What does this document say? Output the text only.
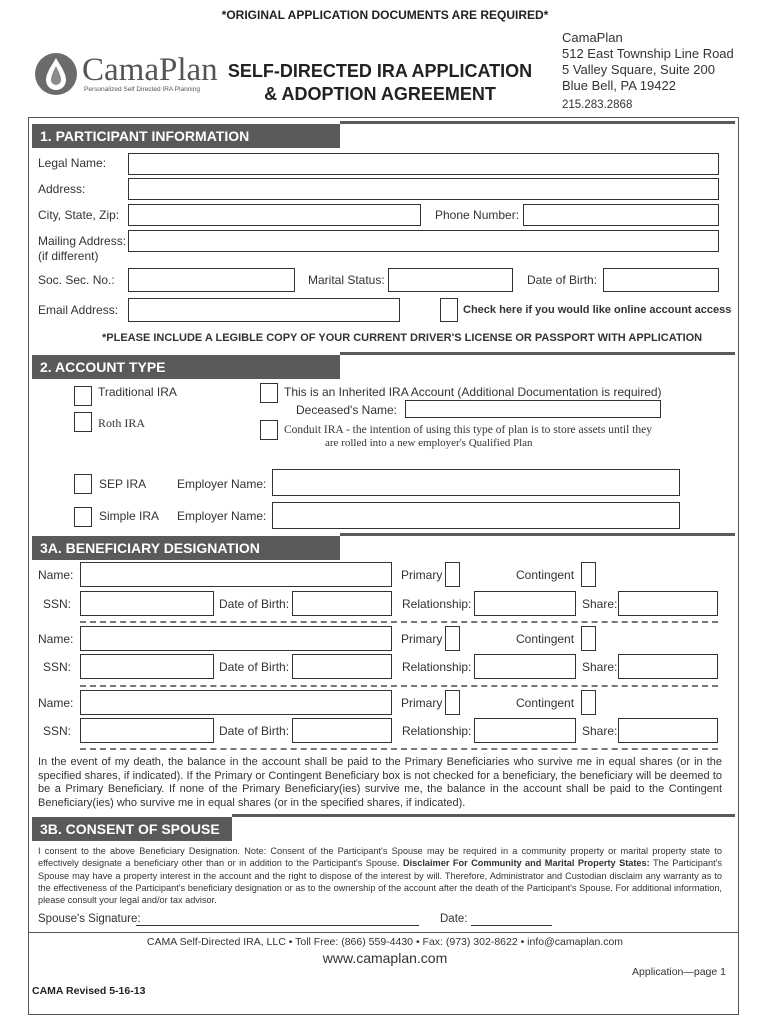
*ORIGINAL APPLICATION DOCUMENTS ARE REQUIRED*
CamaPlan
Personalized Self Directed IRA Planning
SELF-DIRECTED IRA APPLICATION
& ADOPTION AGREEMENT
CamaPlan
512 East Township Line Road
5 Valley Square, Suite 200
Blue Bell, PA 19422
215.283.2868
1. PARTICIPANT INFORMATION
Legal Name:
Address:
City, State, Zip:	Phone Number:
Mailing Address:
(if different)
Soc. Sec. No.:	Marital Status:	Date of Birth:
Email Address:	Check here if you would like online account access
*PLEASE INCLUDE A LEGIBLE COPY OF YOUR CURRENT DRIVER'S LICENSE OR PASSPORT WITH APPLICATION
2. ACCOUNT TYPE
Traditional IRA
Roth IRA
This is an Inherited IRA Account (Additional Documentation is required)
Deceased's Name:
Conduit IRA - the intention of using this type of plan is to store assets until they
are rolled into a new employer's Qualified Plan
SEP IRA	Employer Name:
Simple IRA Employer Name:
3A. BENEFICIARY DESIGNATION
Name:	Primary	Contingent
SSN:	Date of Birth:	Relationship:	Share:
Name:	Primary	Contingent
SSN:	Date of Birth:	Relationship:	Share:
Name:	Primary	Contingent
SSN:	Date of Birth:	Relationship:	Share:
In the event of my death, the balance in the account shall be paid to the Primary Beneficiaries who survive me in equal shares (or in the specified shares, if indicated). If the Primary or Contingent Beneficiary box is not checked for a beneficiary, the beneficiary will be deemed to be a Primary Beneficiary. If none of the Primary Beneficiary(ies) survive me, the balance in the account shall be paid to the Contingent Beneficiary(ies) who survive me in equal shares (or in the specified shares, if indicated).
3B. CONSENT OF SPOUSE
I consent to the above Beneficiary Designation. Note: Consent of the Participant's Spouse may be required in a community property or marital property state to effectively designate a beneficiary other than or in addition to the Participant's Spouse. Disclaimer For Community and Marital Property States: The Participant's Spouse may have a property interest in the account and the right to dispose of the interest by will. Therefore, Administrator and Custodian disclaim any warranty as to the effectiveness of the Participant's beneficiary designation or as to the ownership of the account after the death of the Participant's Spouse. For additional information, please consult your legal and/or tax advisor.
Spouse's Signature:	Date:
CAMA Self-Directed IRA, LLC • Toll Free: (866) 559-4430 • Fax: (973) 302-8622 • info@camaplan.com
www.camaplan.com
Application—page 1
CAMA Revised 5-16-13
